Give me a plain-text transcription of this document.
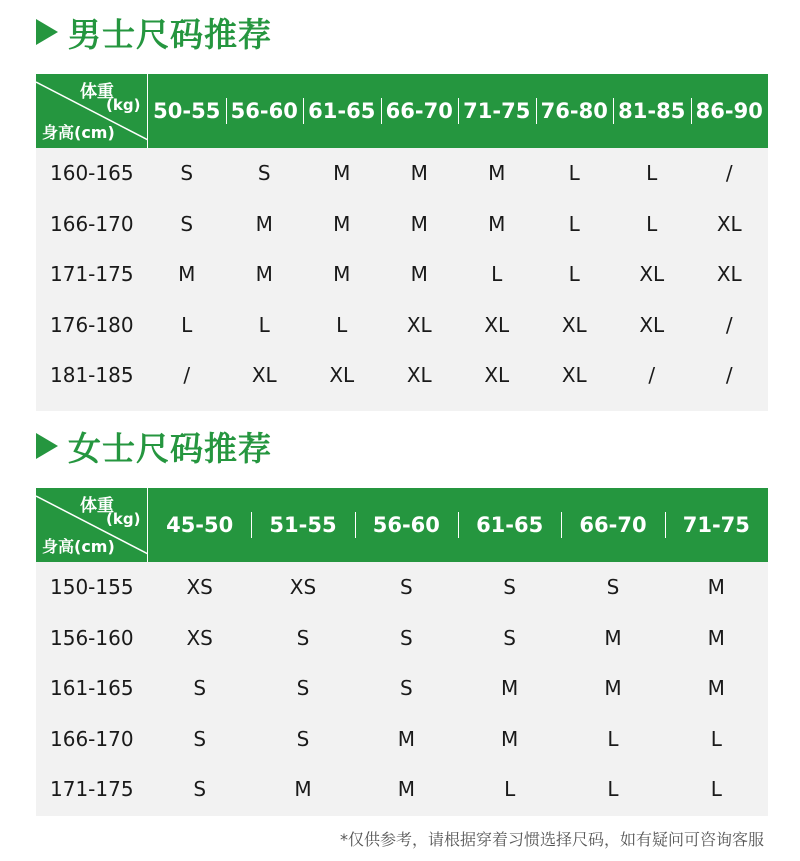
男士尺码推荐
体重
(kg)
身高(cm)
50-55 56-60 61-65 66-70 71-75 76-80 81-85 86-90
160-165	S	S	M	M	M	L	L	/
166-170	S	M	M	M	M	L	L	XL
171-175	M	M	M	M	L	L	XL	XL
176-180	L	L	L	XL	XL	XL	XL	/
181-185	/	XL	XL	XL	XL	XL	/	/
女士尺码推荐
体重
(kg)
身高(cm)
45-50	51-55	56-60	61-65	66-70	71-75
150-155	XS	XS	S	S	S	M
156-160	XS	S	S	S	M	M
161-165	S	S	S	M	M	M
166-170	S	S	M	M	L	L
171-175	S	M	M	L	L	L
*仅供参考，请根据穿着习惯选择尺码，如有疑问可咨询客服
